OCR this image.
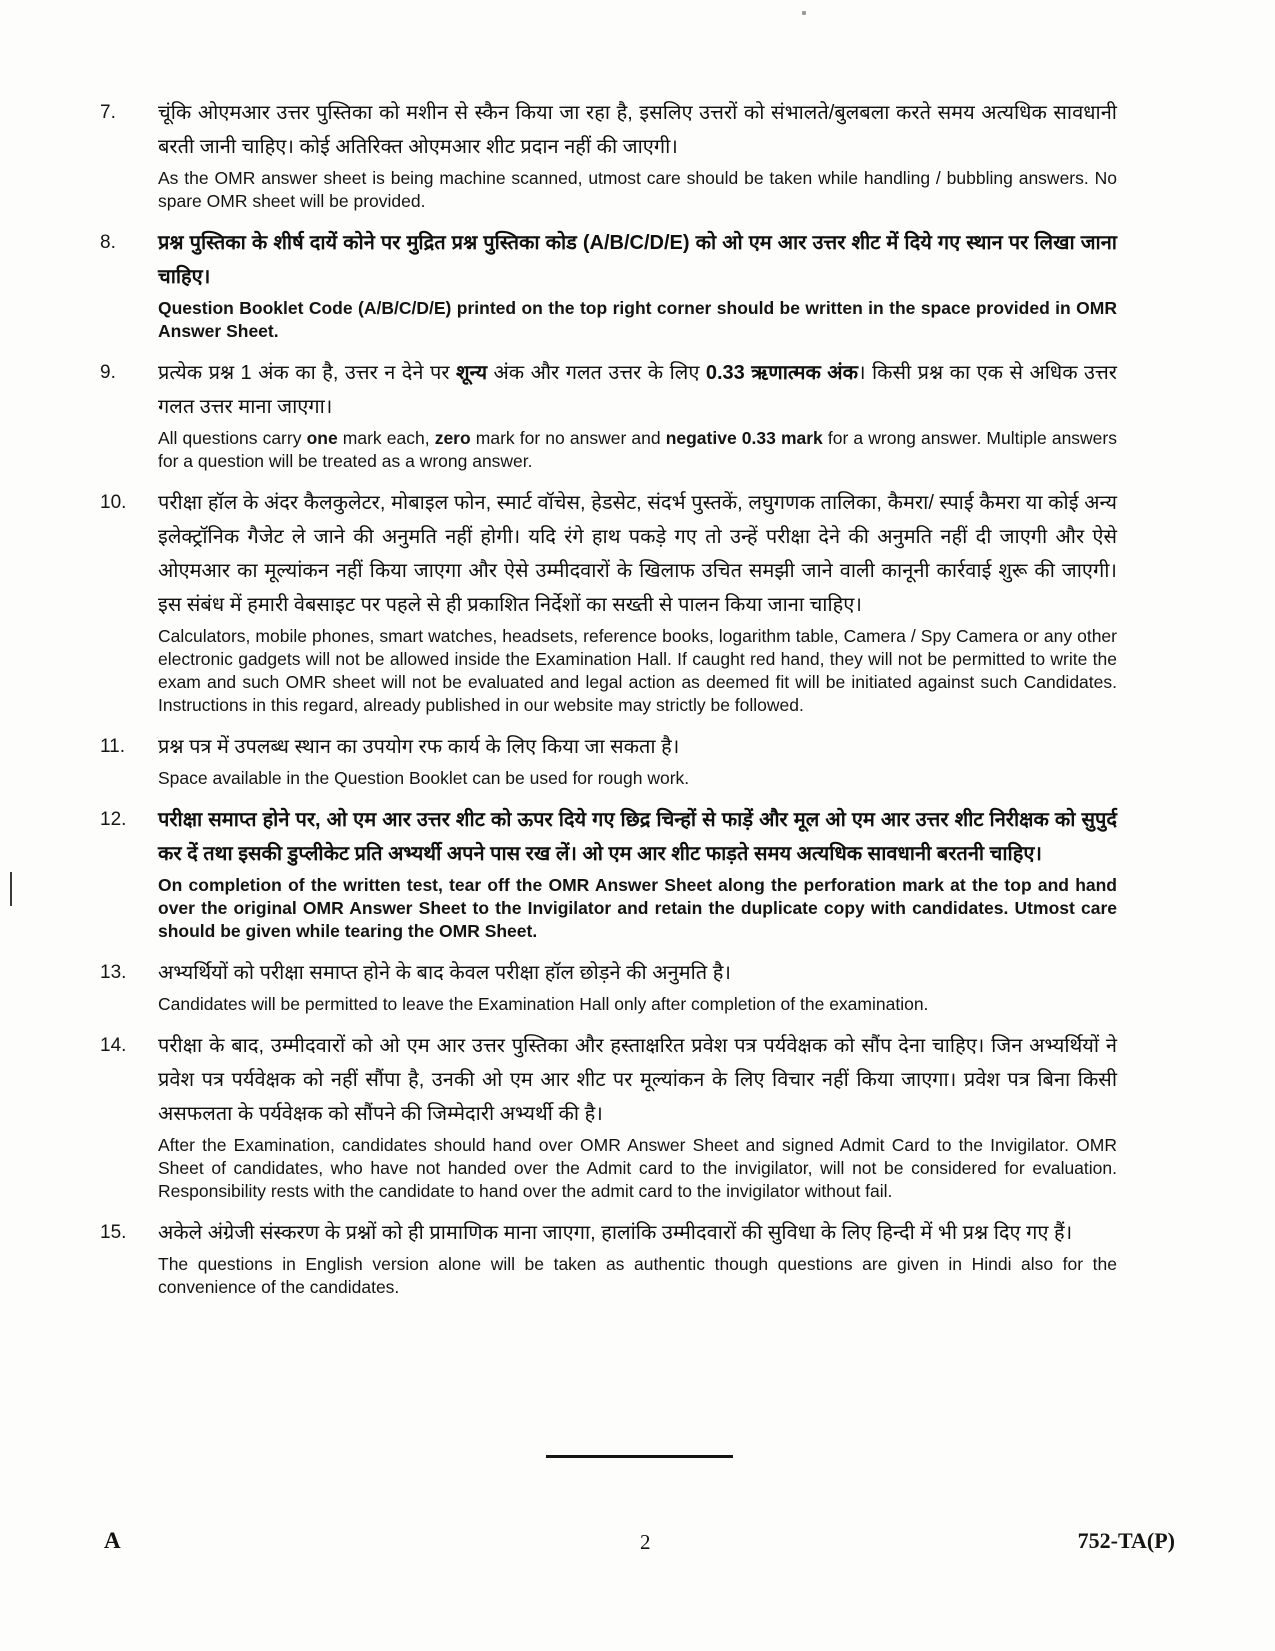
7.	चूंकि ओएमआर उत्तर पुस्तिका को मशीन से स्कैन किया जा रहा है, इसलिए उत्तरों को संभालते/बुलबला करते समय अत्यधिक सावधानी बरती जानी चाहिए। कोई अतिरिक्त ओएमआर शीट प्रदान नहीं की जाएगी।

As the OMR answer sheet is being machine scanned, utmost care should be taken while handling / bubbling answers. No spare OMR sheet will be provided.

8.	प्रश्न पुस्तिका के शीर्ष दायें कोने पर मुद्रित प्रश्न पुस्तिका कोड (A/B/C/D/E) को ओ एम आर उत्तर शीट में दिये गए स्थान पर लिखा जाना चाहिए।

Question Booklet Code (A/B/C/D/E) printed on the top right corner should be written in the space provided in OMR Answer Sheet.

9.	प्रत्येक प्रश्न 1 अंक का है, उत्तर न देने पर शून्य अंक और गलत उत्तर के लिए 0.33 ऋणात्मक अंक। किसी प्रश्न का एक से अधिक उत्तर गलत उत्तर माना जाएगा।

All questions carry one mark each, zero mark for no answer and negative 0.33 mark for a wrong answer. Multiple answers for a question will be treated as a wrong answer.

10.	परीक्षा हॉल के अंदर कैलकुलेटर, मोबाइल फोन, स्मार्ट वॉचेस, हेडसेट, संदर्भ पुस्तकें, लघुगणक तालिका, कैमरा/ स्पाई कैमरा या कोई अन्य इलेक्ट्रॉनिक गैजेट ले जाने की अनुमति नहीं होगी। यदि रंगे हाथ पकड़े गए तो उन्हें परीक्षा देने की अनुमति नहीं दी जाएगी और ऐसे ओएमआर का मूल्यांकन नहीं किया जाएगा और ऐसे उम्मीदवारों के खिलाफ उचित समझी जाने वाली कानूनी कार्रवाई शुरू की जाएगी। इस संबंध में हमारी वेबसाइट पर पहले से ही प्रकाशित निर्देशों का सख्ती से पालन किया जाना चाहिए।

Calculators, mobile phones, smart watches, headsets, reference books, logarithm table, Camera / Spy Camera or any other electronic gadgets will not be allowed inside the Examination Hall. If caught red hand, they will not be permitted to write the exam and such OMR sheet will not be evaluated and legal action as deemed fit will be initiated against such Candidates. Instructions in this regard, already published in our website may strictly be followed.

11.	प्रश्न पत्र में उपलब्ध स्थान का उपयोग रफ कार्य के लिए किया जा सकता है।

Space available in the Question Booklet can be used for rough work.

12.	परीक्षा समाप्त होने पर, ओ एम आर उत्तर शीट को ऊपर दिये गए छिद्र चिन्हों से फाड़ें और मूल ओ एम आर उत्तर शीट निरीक्षक को सुपुर्द कर दें तथा इसकी डुप्लीकेट प्रति अभ्यर्थी अपने पास रख लें। ओ एम आर शीट फाड़ते समय अत्यधिक सावधानी बरतनी चाहिए।

On completion of the written test, tear off the OMR Answer Sheet along the perforation mark at the top and hand over the original OMR Answer Sheet to the Invigilator and retain the duplicate copy with candidates. Utmost care should be given while tearing the OMR Sheet.

13.	अभ्यर्थियों को परीक्षा समाप्त होने के बाद केवल परीक्षा हॉल छोड़ने की अनुमति है।

Candidates will be permitted to leave the Examination Hall only after completion of the examination.

14.	परीक्षा के बाद, उम्मीदवारों को ओ एम आर उत्तर पुस्तिका और हस्ताक्षरित प्रवेश पत्र पर्यवेक्षक को सौंप देना चाहिए। जिन अभ्यर्थियों ने प्रवेश पत्र पर्यवेक्षक को नहीं सौंपा है, उनकी ओ एम आर शीट पर मूल्यांकन के लिए विचार नहीं किया जाएगा। प्रवेश पत्र बिना किसी असफलता के पर्यवेक्षक को सौंपने की जिम्मेदारी अभ्यर्थी की है।

After the Examination, candidates should hand over OMR Answer Sheet and signed Admit Card to the Invigilator. OMR Sheet of candidates, who have not handed over the Admit card to the invigilator, will not be considered for evaluation. Responsibility rests with the candidate to hand over the admit card to the invigilator without fail.

15.	अकेले अंग्रेजी संस्करण के प्रश्नों को ही प्रामाणिक माना जाएगा, हालांकि उम्मीदवारों की सुविधा के लिए हिन्दी में भी प्रश्न दिए गए हैं।

The questions in English version alone will be taken as authentic though questions are given in Hindi also for the convenience of the candidates.

A	2	752-TA(P)
